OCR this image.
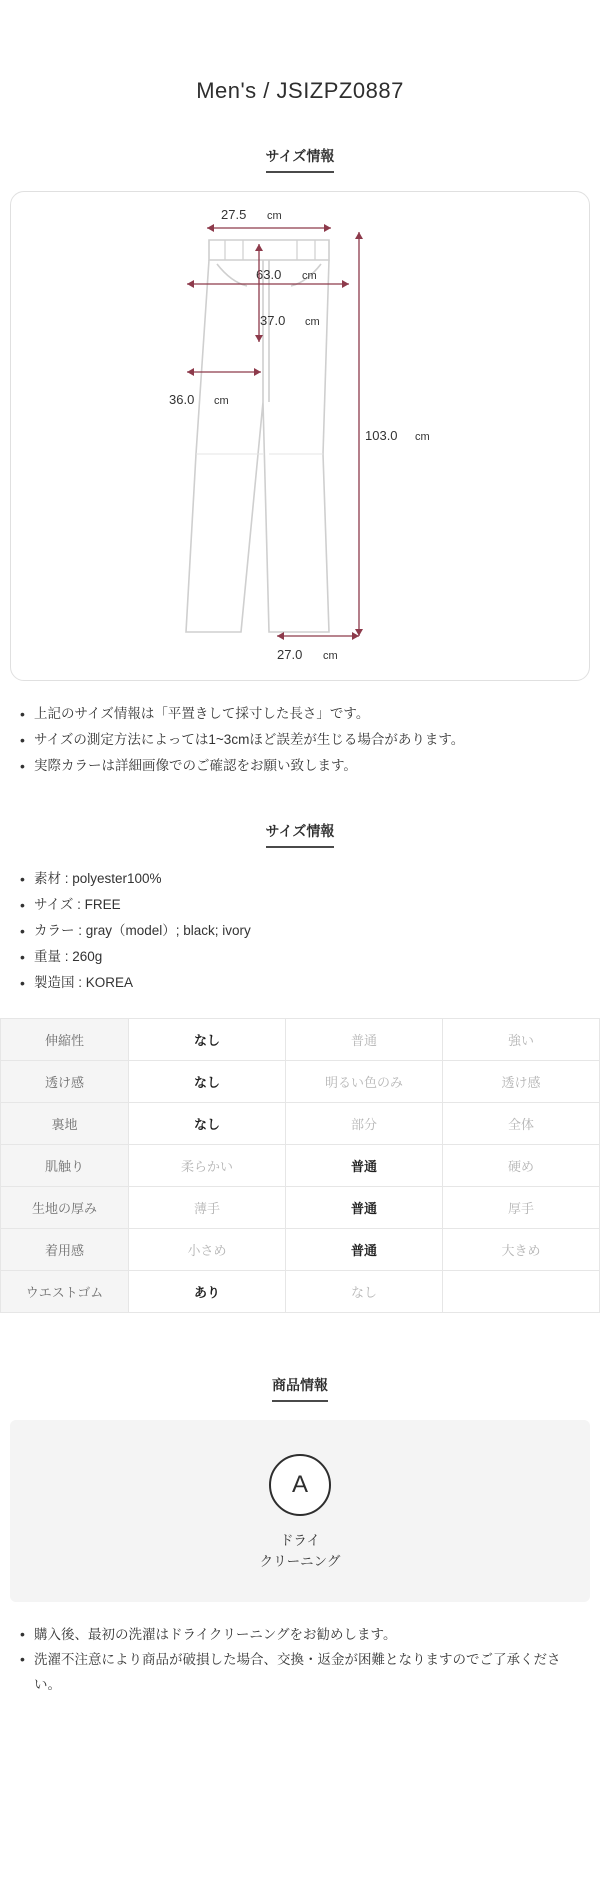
Men's / JSIZPZ0887
サイズ情報
27.5 cm
63.0 cm
37.0 cm
36.0 cm
103.0 cm
27.0 cm
• 上記のサイズ情報は「平置きして採寸した長さ」です。
• サイズの測定方法によっては1~3cmほど誤差が生じる場合があります。
• 実際カラーは詳細画像でのご確認をお願い致します。
サイズ情報
• 素材 : polyester100%
• サイズ : FREE
• カラー : gray（model）; black; ivory
• 重量 : 260g
• 製造国 : KOREA
伸縮性	なし	普通	強い
透け感	なし	明るい色のみ	透け感
裏地	なし	部分	全体
肌触り	柔らかい	普通	硬め
生地の厚み	薄手	普通	厚手
着用感	小さめ	普通	大きめ
ウエストゴム	あり	なし	
商品情報
A
ドライ
クリーニング
• 購入後、最初の洗濯はドライクリーニングをお勧めします。
• 洗濯不注意により商品が破損した場合、交換・返金が困難となりますのでご了承ください。
